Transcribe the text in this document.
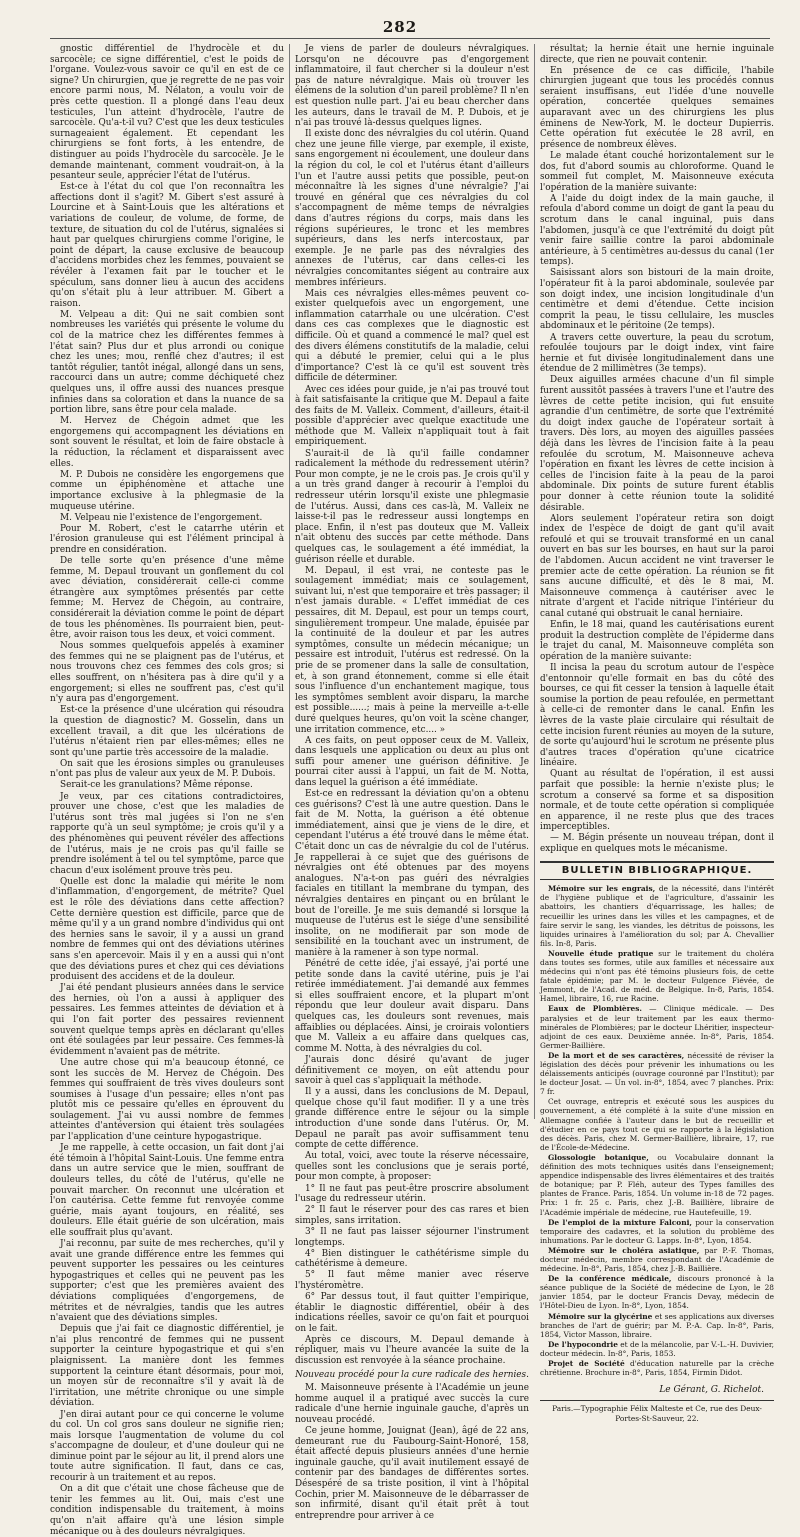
282

gnostic différentiel de l'hydrocèle et du sarcocèle; ce signe différentiel, c'est le poids de l'organe. Voulez-vous savoir ce qu'il en est de ce signe? Un chirurgien, que je regrette de ne pas voir encore parmi nous, M. Nélaton, a voulu voir de près cette question. Il a plongé dans l'eau deux testicules, l'un atteint d'hydrocèle, l'autre de sarcocèle. Qu'a-t-il vu? C'est que les deux testicules surnageaient également. Et cependant les chirurgiens se font forts, à les entendre, de distinguer au poids l'hydrocèle du sarcocèle. Je le demande maintenant, comment voudrait-on, à la pesanteur seule, apprécier l'état de l'utérus.

Est-ce à l'état du col que l'on reconnaîtra les affections dont il s'agit? M. Gibert s'est assuré à Lourcine et à Saint-Louis que les altérations et variations de couleur, de volume, de forme, de texture, de situation du col de l'utérus, signalées si haut par quelques chirurgiens comme l'origine, le point de départ, la cause exclusive de beaucoup d'accidens morbides chez les femmes, pouvaient se révéler à l'examen fait par le toucher et le spéculum, sans donner lieu à aucun des accidens qu'on s'était plu à leur attribuer. M. Gibert a raison.

M. Velpeau a dit: Qui ne sait combien sont nombreuses les variétés qui présente le volume du col de la matrice chez les différentes femmes à l'état sain? Plus dur et plus arrondi ou conique chez les unes; mou, renflé chez d'autres; il est tantôt régulier, tantôt inégal, allongé dans un sens, raccourci dans un autre; comme déchiqueté chez quelques uns, il offre aussi des nuances presque infinies dans sa coloration et dans la nuance de sa portion libre, sans être pour cela malade.

M. Hervez de Chégoin admet que les engorgemens qui accompagnent les déviations en sont souvent le résultat, et loin de faire obstacle à la réduction, la réclament et disparaissent avec elles.

M. P. Dubois ne considère les engorgemens que comme un épiphénomène et attache une importance exclusive à la phlegmasie de la muqueuse utérine.

M. Velpeau nie l'existence de l'engorgement.

Pour M. Robert, c'est le catarrhe utérin et l'érosion granuleuse qui est l'élément principal à prendre en considération.

De telle sorte qu'en présence d'une même femme, M. Depaul trouvant un gonflement du col avec déviation, considérerait celle-ci comme étrangère aux symptômes présentés par cette femme; M. Hervez de Chégoin, au contraire, considérerait la déviation comme le point de départ de tous les phénomènes. Ils pourraient bien, peut-être, avoir raison tous les deux, et voici comment.

Nous sommes quelquefois appelés à examiner des femmes qui ne se plaignent pas de l'utérus, et nous trouvons chez ces femmes des cols gros; si elles souffrent, on n'hésitera pas à dire qu'il y a engorgement; si elles ne souffrent pas, c'est qu'il n'y aura pas d'engorgement.

Est-ce la présence d'une ulcération qui résoudra la question de diagnostic? M. Gosselin, dans un excellent travail, a dit que les ulcérations de l'utérus n'étaient rien par elles-mêmes; elles ne sont qu'une partie très accessoire de la maladie.

On sait que les érosions simples ou granuleuses n'ont pas plus de valeur aux yeux de M. P. Dubois.

Serait-ce les granulations? Même réponse.

Je veux, par ces citations contradictoires, prouver une chose, c'est que les maladies de l'utérus sont très mal jugées si l'on ne s'en rapporte qu'à un seul symptôme; je crois qu'il y a des phénomènes qui peuvent révéler des affections de l'utérus, mais je ne crois pas qu'il faille se prendre isolément à tel ou tel symptôme, parce que chacun d'eux isolément prouve très peu.

Quelle est donc la maladie qui mérite le nom d'inflammation, d'engorgement, de métrite? Quel est le rôle des déviations dans cette affection? Cette dernière question est difficile, parce que de même qu'il y a un grand nombre d'individus qui ont des hernies sans le savoir, il y a aussi un grand nombre de femmes qui ont des déviations utérines sans s'en apercevoir. Mais il y en a aussi qui n'ont que des déviations pures et chez qui ces déviations produisent des accidens et de la douleur.

J'ai été pendant plusieurs années dans le service des hernies, où l'on a aussi à appliquer des pessaires. Les femmes atteintes de déviation et à qui l'on fait porter des pessaires reviennent souvent quelque temps après en déclarant qu'elles ont été soulagées par leur pessaire. Ces femmes-là évidemment n'avaient pas de métrite.

Une autre chose qui m'a beaucoup étonné, ce sont les succès de M. Hervez de Chégoin. Des femmes qui souffraient de très vives douleurs sont soumises à l'usage d'un pessaire; elles n'ont pas plutôt mis ce pessaire qu'elles en éprouvent du soulagement. J'ai vu aussi nombre de femmes atteintes d'antéversion qui étaient très soulagées par l'application d'une ceinture hypogastrique.

Je me rappelle, à cette occasion, un fait dont j'ai été témoin à l'hôpital Saint-Louis. Une femme entra dans un autre service que le mien, souffrant de douleurs telles, du côté de l'utérus, qu'elle ne pouvait marcher. On reconnut une ulcération et l'on cautérisa. Cette femme fut renvoyée comme guérie, mais ayant toujours, en réalité, ses douleurs. Elle était guérie de son ulcération, mais elle souffrait plus qu'avant.

J'ai reconnu, par suite de mes recherches, qu'il y avait une grande différence entre les femmes qui peuvent supporter les pessaires ou les ceintures hypogastriques et celles qui ne peuvent pas les supporter; c'est que les premières avaient des déviations compliquées d'engorgemens, de métrites et de névralgies, tandis que les autres n'avaient que des déviations simples.

Depuis que j'ai fait ce diagnostic différentiel, je n'ai plus rencontré de femmes qui ne pussent supporter la ceinture hypogastrique et qui s'en plaignissent. La manière dont les femmes supportent la ceinture étant désormais, pour moi, un moyen sûr de reconnaître s'il y avait là de l'irritation, une métrite chronique ou une simple déviation.

J'en dirai autant pour ce qui concerne le volume du col. Un col gros sans douleur ne signifie rien; mais lorsque l'augmentation de volume du col s'accompagne de douleur, et d'une douleur qui ne diminue point par le séjour au lit, il prend alors une toute autre signification. Il faut, dans ce cas, recourir à un traitement et au repos.

On a dit que c'était une chose fâcheuse que de tenir les femmes au lit. Oui, mais c'est une condition indispensable du traitement, à moins qu'on n'ait affaire qu'à une lésion simple mécanique ou à des douleurs névralgiques.

Je viens de parler de douleurs névralgiques. Lorsqu'on ne découvre pas d'engorgement inflammatoire, il faut chercher si la douleur n'est pas de nature névralgique. Mais où trouver les élémens de la solution d'un pareil problème? Il n'en est question nulle part. J'ai eu beau chercher dans les auteurs, dans le travail de M. P. Dubois, et je n'ai pas trouvé là-dessus quelques lignes.

Il existe donc des névralgies du col utérin. Quand chez une jeune fille vierge, par exemple, il existe, sans engorgement ni écoulement, une douleur dans la région du col, le col et l'utérus étant d'ailleurs l'un et l'autre aussi petits que possible, peut-on méconnaître là les signes d'une névralgie? J'ai trouvé en général que ces névralgies du col s'accompagnent de même temps de névralgies dans d'autres régions du corps, mais dans les régions supérieures, le tronc et les membres supérieurs, dans les nerfs intercostaux, par exemple. Je ne parle pas des névralgies des annexes de l'utérus, car dans celles-ci les névralgies concomitantes siégent au contraire aux membres inférieurs.

Mais ces névralgies elles-mêmes peuvent co-exister quelquefois avec un engorgement, une inflammation catarrhale ou une ulcération. C'est dans ces cas complexes que le diagnostic est difficile. Où et quand a commencé le mal? quel est des divers élémens constitutifs de la maladie, celui qui a débuté le premier, celui qui a le plus d'importance? C'est là ce qu'il est souvent très difficile de déterminer.

Avec ces idées pour guide, je n'ai pas trouvé tout à fait satisfaisante la critique que M. Depaul a faite des faits de M. Valleix. Comment, d'ailleurs, était-il possible d'apprécier avec quelque exactitude une méthode que M. Valleix n'appliquait tout à fait empiriquement.

S'aurait-il de là qu'il faille condamner radicalement la méthode du redressement utérin? Pour mon compte, je ne le crois pas. Je crois qu'il y a un très grand danger à recourir à l'emploi du redresseur utérin lorsqu'il existe une phlegmasie de l'utérus. Aussi, dans ces cas-là, M. Valleix ne laisse-t-il pas le redresseur aussi longtemps en place. Enfin, il n'est pas douteux que M. Valleix n'ait obtenu des succès par cette méthode. Dans quelques cas, le soulagement a été immédiat, la guérison réelle et durable.

M. Depaul, il est vrai, ne conteste pas le soulagement immédiat; mais ce soulagement, suivant lui, n'est que temporaire et très passager; il n'est jamais durable. « L'effet immédiat de ces pessaires, dit M. Depaul, est pour un temps court, singulièrement trompeur. Une malade, épuisée par la continuité de la douleur et par les autres symptômes, consulte un médecin mécanique; un pessaire est introduit, l'utérus est redressé. On la prie de se promener dans la salle de consultation, et, à son grand étonnement, comme si elle était sous l'influence d'un enchantement magique, tous les symptômes semblent avoir disparu, la marche est possible......; mais à peine la merveille a-t-elle duré quelques heures, qu'on voit la scène changer, une irritation commence, etc.... »

A ces faits, on peut opposer ceux de M. Valleix, dans lesquels une application ou deux au plus ont suffi pour amener une guérison définitive. Je pourrai citer aussi à l'appui, un fait de M. Notta, dans lequel la guérison a été immédiate.

Est-ce en redressant la déviation qu'on a obtenu ces guérisons? C'est là une autre question. Dans le fait de M. Notta, la guérison a été obtenue immédiatement, ainsi que je viens de le dire, et cependant l'utérus a été trouvé dans le même état. C'était donc un cas de névralgie du col de l'utérus. Je rappellerai à ce sujet que des guérisons de névralgies ont été obtenues par des moyens analogues. N'a-t-on pas guéri des névralgies faciales en titillant la membrane du tympan, des névralgies dentaires en pinçant ou en brûlant le bout de l'oreille. Je me suis demandé si lorsque la muqueuse de l'utérus est le siége d'une sensibilité insolite, on ne modifierait par son mode de sensibilité en la touchant avec un instrument, de manière à la ramener à son type normal.

Pénétré de cette idée, j'ai essayé, j'ai porté une petite sonde dans la cavité utérine, puis je l'ai retirée immédiatement. J'ai demandé aux femmes si elles souffraient encore, et la plupart m'ont répondu que leur douleur avait disparu. Dans quelques cas, les douleurs sont revenues, mais affaiblies ou déplacées. Ainsi, je croirais volontiers que M. Valleix a eu affaire dans quelques cas, comme M. Notta, à des névralgies du col.

J'aurais donc désiré qu'avant de juger définitivement ce moyen, on eût attendu pour savoir à quel cas s'appliquait la méthode.

Il y a aussi, dans les conclusions de M. Depaul, quelque chose qu'il faut modifier. Il y a une très grande différence entre le séjour ou la simple introduction d'une sonde dans l'utérus. Or, M. Depaul ne paraît pas avoir suffisamment tenu compte de cette différence.

Au total, voici, avec toute la réserve nécessaire, quelles sont les conclusions que je serais porté, pour mon compte, à proposer:

1° Il ne faut pas peut-être proscrire absolument l'usage du redresseur utérin.

2° Il faut le réserver pour des cas rares et bien simples, sans irritation.

3° Il ne faut pas laisser séjourner l'instrument longtemps.

4° Bien distinguer le cathétérisme simple du cathétérisme à demeure.

5° Il faut même manier avec réserve l'hystéromètre.

6° Par dessus tout, il faut quitter l'empirique, établir le diagnostic différentiel, obéir à des indications réelles, savoir ce qu'on fait et pourquoi on le fait.

Après ce discours, M. Depaul demande à répliquer, mais vu l'heure avancée la suite de la discussion est renvoyée à la séance prochaine.

Nouveau procédé pour la cure radicale des hernies.

M. Maisonneuve présente à l'Académie un jeune homme auquel il a pratiqué avec succès la cure radicale d'une hernie inguinale gauche, d'après un nouveau procédé.

Ce jeune homme, Jouignat (Jean), âgé de 22 ans, demeurant rue du Faubourg-Saint-Honoré, 158, était affecté depuis plusieurs années d'une hernie inguinale gauche, qu'il avait inutilement essayé de contenir par des bandages de différentes sortes. Désespéré de sa triste position, il vint à l'hôpital Cochin, prier M. Maisonneuve de le débarrasser de son infirmité, disant qu'il était prêt à tout entreprendre pour arriver à ce

résultat; la hernie était une hernie inguinale directe, que rien ne pouvait contenir.

En présence de ce cas difficile, l'habile chirurgien jugeant que tous les procédés connus seraient insuffisans, eut l'idée d'une nouvelle opération, concertée quelques semaines auparavant avec un des chirurgiens les plus éminens de New-York, M. le docteur Dupierris. Cette opération fut exécutée le 28 avril, en présence de nombreux élèves.

Le malade étant couché horizontalement sur le dos, fut d'abord soumis au chloroforme. Quand le sommeil fut complet, M. Maisonneuve exécuta l'opération de la manière suivante:

A l'aide du doigt index de la main gauche, il refoula d'abord comme un doigt de gant la peau du scrotum dans le canal inguinal, puis dans l'abdomen, jusqu'à ce que l'extrémité du doigt pût venir faire saillie contre la paroi abdominale antérieure, à 5 centimètres au-dessus du canal (1er temps).

Saisissant alors son bistouri de la main droite, l'opérateur fit à la paroi abdominale, soulevée par son doigt index, une incision longitudinale d'un centimètre et demi d'étendue. Cette incision comprit la peau, le tissu cellulaire, les muscles abdominaux et le péritoine (2e temps).

A travers cette ouverture, la peau du scrotum, refoulée toujours par le doigt index, vint faire hernie et fut divisée longitudinalement dans une étendue de 2 millimètres (3e temps).

Deux aiguilles armées chacune d'un fil simple furent aussitôt passées à travers l'une et l'autre des lèvres de cette petite incision, qui fut ensuite agrandie d'un centimètre, de sorte que l'extrémité du doigt index gauche de l'opérateur sortait à travers. Dès lors, au moyen des aiguilles passées déjà dans les lèvres de l'incision faite à la peau refoulée du scrotum, M. Maisonneuve acheva l'opération en fixant les lèvres de cette incision à celles de l'incision faite à la peau de la paroi abdominale. Dix points de suture furent établis pour donner à cette réunion toute la solidité désirable.

Alors seulement l'opérateur retira son doigt index de l'espèce de doigt de gant qu'il avait refoulé et qui se trouvait transformé en un canal ouvert en bas sur les bourses, en haut sur la paroi de l'abdomen. Aucun accident ne vint traverser le premier acte de cette opération. La réunion se fit sans aucune difficulté, et dès le 8 mai, M. Maisonneuve commença à cautériser avec le nitrate d'argent et l'acide nitrique l'intérieur du canal cutané qui obstruait le canal herniaire.

Enfin, le 18 mai, quand les cautérisations eurent produit la destruction complète de l'épiderme dans le trajet du canal, M. Maisonneuve compléta son opération de la manière suivante:

Il incisa la peau du scrotum autour de l'espèce d'entonnoir qu'elle formait en bas du côté des bourses, ce qui fit cesser la tension à laquelle était soumise la portion de peau refoulée, en permettant à celle-ci de remonter dans le canal. Enfin les lèvres de la vaste plaie circulaire qui résultait de cette incision furent réunies au moyen de la suture, de sorte qu'aujourd'hui le scrotum ne présente plus d'autres traces d'opération qu'une cicatrice linéaire.

Quant au résultat de l'opération, il est aussi parfait que possible: la hernie n'existe plus; le scrotum a conservé sa forme et sa disposition normale, et de toute cette opération si compliquée en apparence, il ne reste plus que des traces imperceptibles.

— M. Bégin présente un nouveau trépan, dont il explique en quelques mots le mécanisme.

BULLETIN BIBLIOGRAPHIQUE.

Mémoire sur les engrais, de la nécessité, dans l'intérêt de l'hygiène publique et de l'agriculture, d'assainir les abattoirs, les chantiers d'équarrissage, les halles; de recueillir les urines dans les villes et les campagnes, et de faire servir le sang, les viandes, les détritus de poissons, les liquides urinaires à l'amélioration du sol; par A. Chevallier fils. In-8, Paris.

Nouvelle étude pratique sur le traitement du choléra dans toutes ses formes, utile aux familles et nécessaire aux médecins qui n'ont pas été témoins plusieurs fois, de cette fatale épidémie; par M. le docteur Fulgence Fiévée, de Jemmont, de l'Acad. de méd. de Belgique. In-8, Paris, 1854. Hamel, libraire, 16, rue Racine.

Eaux de Plombières. — Clinique médicale. — Des paralysies et de leur traitement par les eaux thermo-minérales de Plombières; par le docteur Lhéritier, inspecteur-adjoint de ces eaux. Deuxième année. In-8°, Paris, 1854. Germer-Baillière.

De la mort et de ses caractères, nécessité de réviser la législation des décès pour prévenir les inhumations ou les délaissements anticipés (ouvrage couronné par l'Institut); par le docteur Josat. — Un vol. in-8°, 1854, avec 7 planches. Prix: 7 fr.

Cet ouvrage, entrepris et exécuté sous les auspices du gouvernement, a été complété à la suite d'une mission en Allemagne confiée à l'auteur dans le but de recueillir et d'étudier en ce pays tout ce qui se rapporte à la législation des décès. Paris, chez M. Germer-Baillière, libraire, 17, rue de l'École-de-Médecine.

Glossologie botanique, ou Vocabulaire donnant la définition des mots techniques usités dans l'enseignement; appendice indispensable des livres élémentaires et des traités de botanique; par P. Fléh, auteur des Types familles des plantes de France. Paris, 1854. Un volume in-18 de 72 pages. Prix: 1 fr. 25 c. Paris, chez J.-B. Baillière, libraire de l'Académie impériale de médecine, rue Hautefeuille, 19.

De l'emploi de la mixture Falconi, pour la conservation temporaire des cadavres, et la solution du problème des inhumations. Par le docteur G. Lapps. In-8°, Lyon, 1854.

Mémoire sur le choléra asiatique, par P.-F. Thomas, docteur médecin, membre correspondant de l'Académie de médecine. In-8°, Paris, 1854, chez J.-B. Baillière.

De la conférence médicale, discours prononcé à la séance publique de la Société de médecine de Lyon, le 28 janvier 1854, par le docteur Francis Devay, médecin de l'Hôtel-Dieu de Lyon. In-8°, Lyon, 1854.

Mémoire sur la glycérine et ses applications aux diverses branches de l'art de guérir; par M. P.-A. Cap. In-8°, Paris, 1854, Victor Masson, libraire.

De l'hypocondrie et de la mélancolie, par V.-L.-H. Duvivier, docteur médecin. In-8°, Paris, 1853.

Projet de Société d'éducation naturelle par la crèche chrétienne. Brochure in-8°, Paris, 1854, Firmin Didot.

Le Gérant, G. Richelot.
Paris.—Typographie Félix Malteste et Ce, rue des Deux-Portes-St-Sauveur, 22.
